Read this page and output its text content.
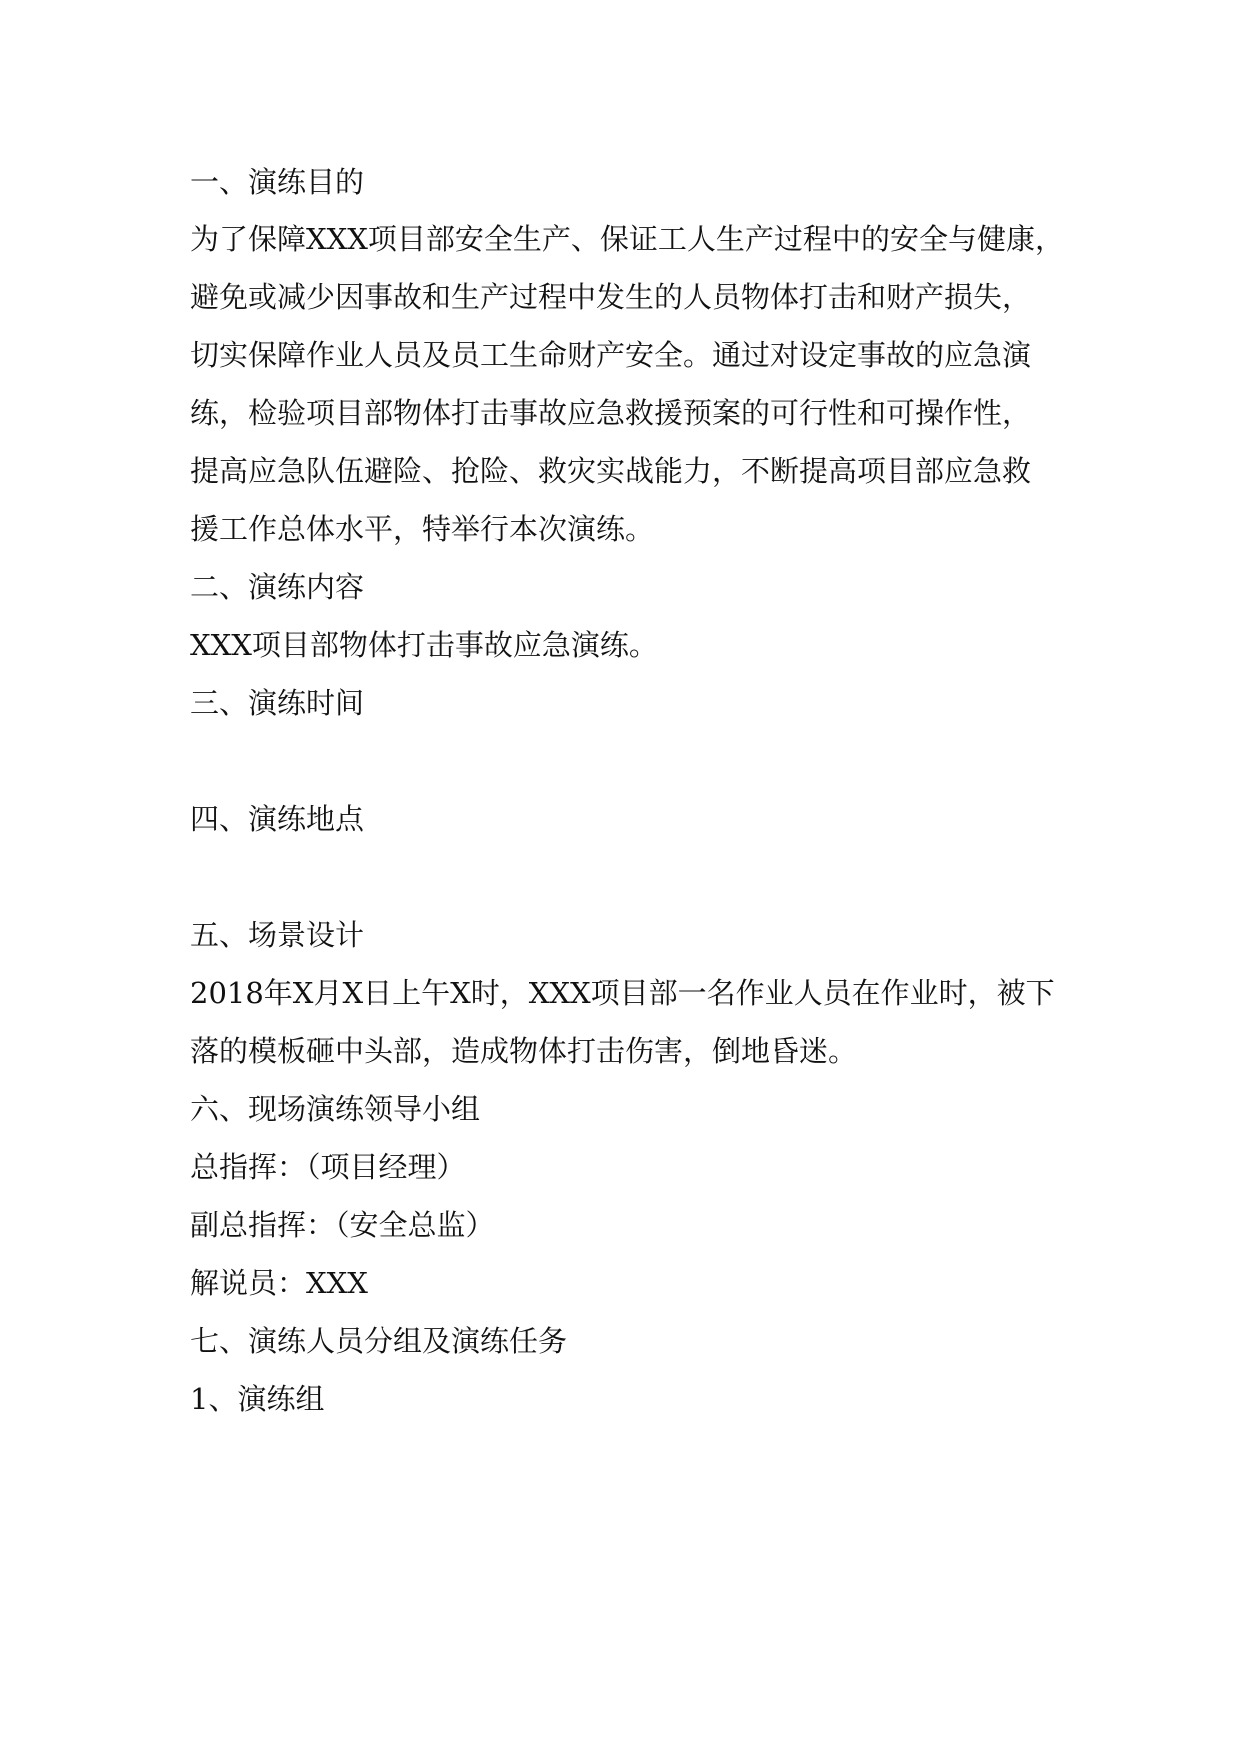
一、演练目的

为了保障XXX项目部安全生产、保证工人生产过程中的安全与健康，

避免或减少因事故和生产过程中发生的人员物体打击和财产损失，

切实保障作业人员及员工生命财产安全。通过对设定事故的应急演

练，检验项目部物体打击事故应急救援预案的可行性和可操作性，

提高应急队伍避险、抢险、救灾实战能力，不断提高项目部应急救

援工作总体水平，特举行本次演练。

二、演练内容

XXX项目部物体打击事故应急演练。

三、演练时间
四、演练地点
五、场景设计

2018年X月X日上午X时，XXX项目部一名作业人员在作业时，被下

落的模板砸中头部，造成物体打击伤害，倒地昏迷。

六、现场演练领导小组

总指挥：（项目经理）

副总指挥：（安全总监）

解说员：XXX

七、演练人员分组及演练任务

1、演练组
